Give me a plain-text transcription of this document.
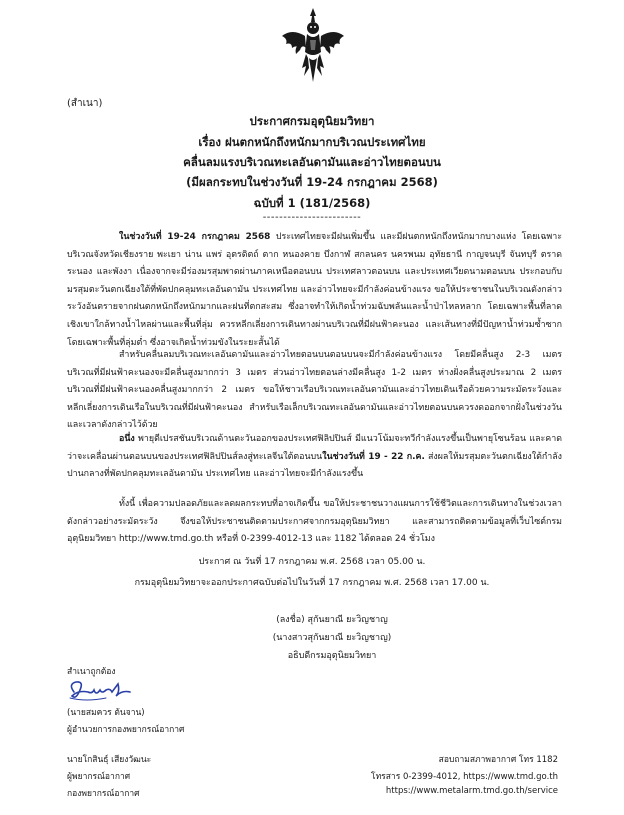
(สำเนา)
ประกาศกรมอุตุนิยมวิทยา
เรื่อง ฝนตกหนักถึงหนักมากบริเวณประเทศไทย
คลื่นลมแรงบริเวณทะเลอันดามันและอ่าวไทยตอนบน
(มีผลกระทบในช่วงวันที่ 19-24 กรกฎาคม 2568)
ฉบับที่ 1 (181/2568)
------------------------

ในช่วงวันที่ 19-24 กรกฎาคม 2568 ประเทศไทยจะมีฝนเพิ่มขึ้น และมีฝนตกหนักถึงหนักมากบางแห่ง โดยเฉพาะบริเวณจังหวัดเชียงราย พะเยา น่าน แพร่ อุตรดิตถ์ ตาก หนองคาย บึงกาฬ สกลนคร นครพนม อุทัยธานี กาญจนบุรี จันทบุรี ตราด ระนอง และพังงา เนื่องจากจะมีร่องมรสุมพาดผ่านภาคเหนือตอนบน ประเทศลาวตอนบน และประเทศเวียดนามตอนบน ประกอบกับมรสุมตะวันตกเฉียงใต้ที่พัดปกคลุมทะเลอันดามัน ประเทศไทย และอ่าวไทยจะมีกำลังค่อนข้างแรง ขอให้ประชาชนในบริเวณดังกล่าวระวังอันตรายจากฝนตกหนักถึงหนักมากและฝนที่ตกสะสม ซึ่งอาจทำให้เกิดน้ำท่วมฉับพลันและน้ำป่าไหลหลาก โดยเฉพาะพื้นที่ลาดเชิงเขาใกล้ทางน้ำไหลผ่านและพื้นที่ลุ่ม ควรหลีกเลี่ยงการเดินทางผ่านบริเวณที่มีฝนฟ้าคะนอง และเส้นทางที่มีปัญหาน้ำท่วมซ้ำซาก โดยเฉพาะพื้นที่ลุ่มต่ำ ซึ่งอาจเกิดน้ำท่วมขังในระยะสั้นได้

สำหรับคลื่นลมบริเวณทะเลอันดามันและอ่าวไทยตอนบนตอนบนจะมีกำลังค่อนข้างแรง โดยมีคลื่นสูง 2-3 เมตร บริเวณที่มีฝนฟ้าคะนองจะมีคลื่นสูงมากกว่า 3 เมตร ส่วนอ่าวไทยตอนล่างมีคลื่นสูง 1-2 เมตร ห่างฝั่งคลื่นสูงประมาณ 2 เมตร บริเวณที่มีฝนฟ้าคะนองคลื่นสูงมากกว่า 2 เมตร ขอให้ชาวเรือบริเวณทะเลอันดามันและอ่าวไทยเดินเรือด้วยความระมัดระวังและหลีกเลี่ยงการเดินเรือในบริเวณที่มีฝนฟ้าคะนอง สำหรับเรือเล็กบริเวณทะเลอันดามันและอ่าวไทยตอนบนควรงดออกจากฝั่งในช่วงวันและเวลาดังกล่าวไว้ด้วย

อนึ่ง พายุดีเปรสชันบริเวณด้านตะวันออกของประเทศฟิลิปปินส์ มีแนวโน้มจะทวีกำลังแรงขึ้นเป็นพายุโซนร้อน และคาดว่าจะเคลื่อนผ่านตอนบนของประเทศฟิลิปปินส์ลงสู่ทะเลจีนใต้ตอนบนในช่วงวันที่ 19 - 22 ก.ค. ส่งผลให้มรสุมตะวันตกเฉียงใต้กำลังปานกลางที่พัดปกคลุมทะเลอันดามัน ประเทศไทย และอ่าวไทยจะมีกำลังแรงขึ้น

ทั้งนี้ เพื่อความปลอดภัยและลดผลกระทบที่อาจเกิดขึ้น ขอให้ประชาชนวางแผนการใช้ชีวิตและการเดินทางในช่วงเวลาดังกล่าวอย่างระมัดระวัง จึงขอให้ประชาชนติดตามประกาศจากกรมอุตุนิยมวิทยา และสามารถติดตามข้อมูลที่เว็บไซต์กรมอุตุนิยมวิทยา http://www.tmd.go.th หรือที่ 0-2399-4012-13 และ 1182 ได้ตลอด 24 ชั่วโมง

ประกาศ ณ วันที่ 17 กรกฎาคม พ.ศ. 2568 เวลา 05.00 น.
กรมอุตุนิยมวิทยาจะออกประกาศฉบับต่อไปในวันที่ 17 กรกฎาคม พ.ศ. 2568 เวลา 17.00 น.
(ลงชื่อ) สุกันยาณี ยะวิญชาญ
(นางสาวสุกันยาณี ยะวิญชาญ)
อธิบดีกรมอุตุนิยมวิทยา
สำเนาถูกต้อง
(นายสมควร ต้นจาน)
ผู้อำนวยการกองพยากรณ์อากาศ
นายโกสินธุ์ เสียงวัฒนะ
ผู้พยากรณ์อากาศ
กองพยากรณ์อากาศ
สอบถามสภาพอากาศ โทร 1182
โทรสาร 0-2399-4012, https://www.tmd.go.th
https://www.metalarm.tmd.go.th/service
